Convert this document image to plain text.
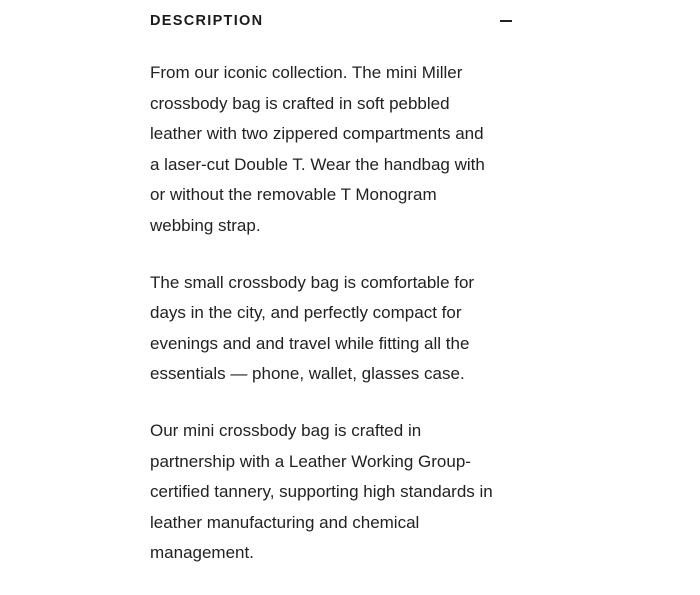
DESCRIPTION

From our iconic collection. The mini Miller
crossbody bag is crafted in soft pebbled
leather with two zippered compartments and
a laser-cut Double T. Wear the handbag with
or without the removable T Monogram
webbing strap.

The small crossbody bag is comfortable for
days in the city, and perfectly compact for
evenings and and travel while fitting all the
essentials — phone, wallet, glasses case.

Our mini crossbody bag is crafted in
partnership with a Leather Working Group-
certified tannery, supporting high standards in
leather manufacturing and chemical
management.
